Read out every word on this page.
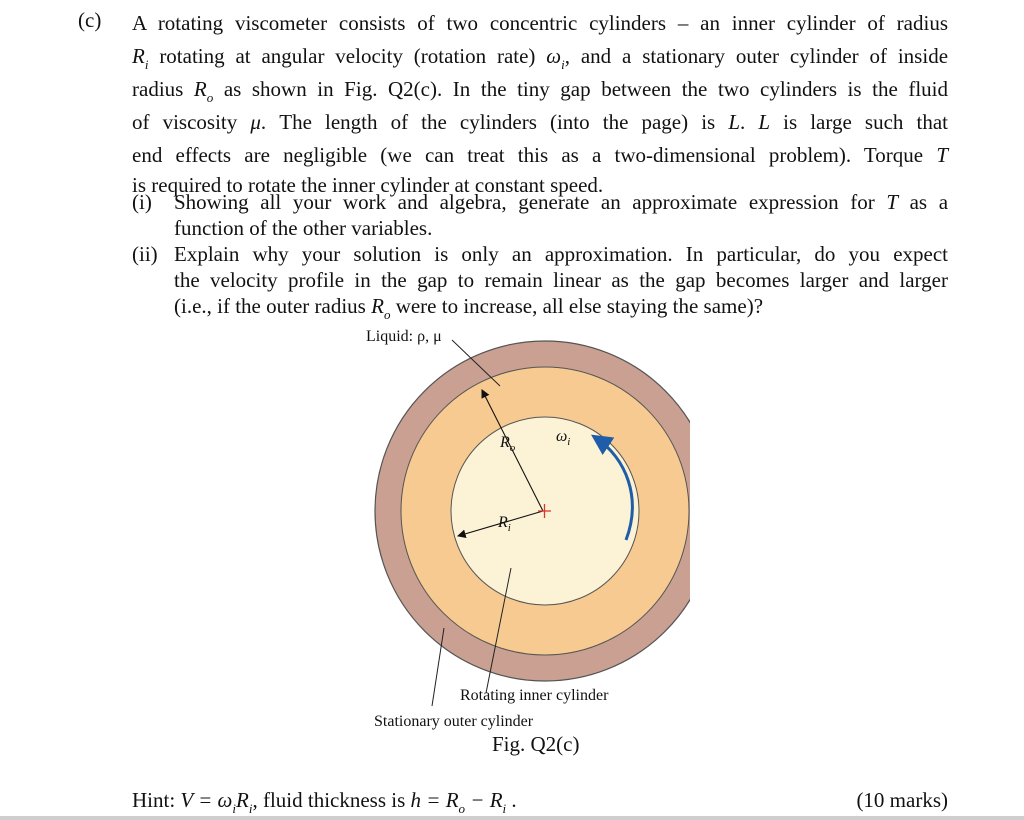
(c) A rotating viscometer consists of two concentric cylinders – an inner cylinder of radius
$R_i$ rotating at angular velocity (rotation rate) $\omega_i$, and a stationary outer cylinder of inside
radius $R_o$ as shown in Fig. Q2(c). In the tiny gap between the two cylinders is the fluid
of viscosity μ. The length of the cylinders (into the page) is L. L is large such that
end effects are negligible (we can treat this as a two-dimensional problem). Torque T
is required to rotate the inner cylinder at constant speed.
(i) Showing all your work and algebra, generate an approximate expression for T as a
function of the other variables.
(ii) Explain why your solution is only an approximation. In particular, do you expect
the velocity profile in the gap to remain linear as the gap becomes larger and larger
(i.e., if the outer radius $R_o$ were to increase, all else staying the same)?
Liquid: ρ, μ
$R_o$
$R_i$
$\omega_i$
Rotating inner cylinder
Stationary outer cylinder
Fig. Q2(c)
Hint: $V = \omega_iR_i$, fluid thickness is $h = R_o - R_i$ .	(10 marks)
